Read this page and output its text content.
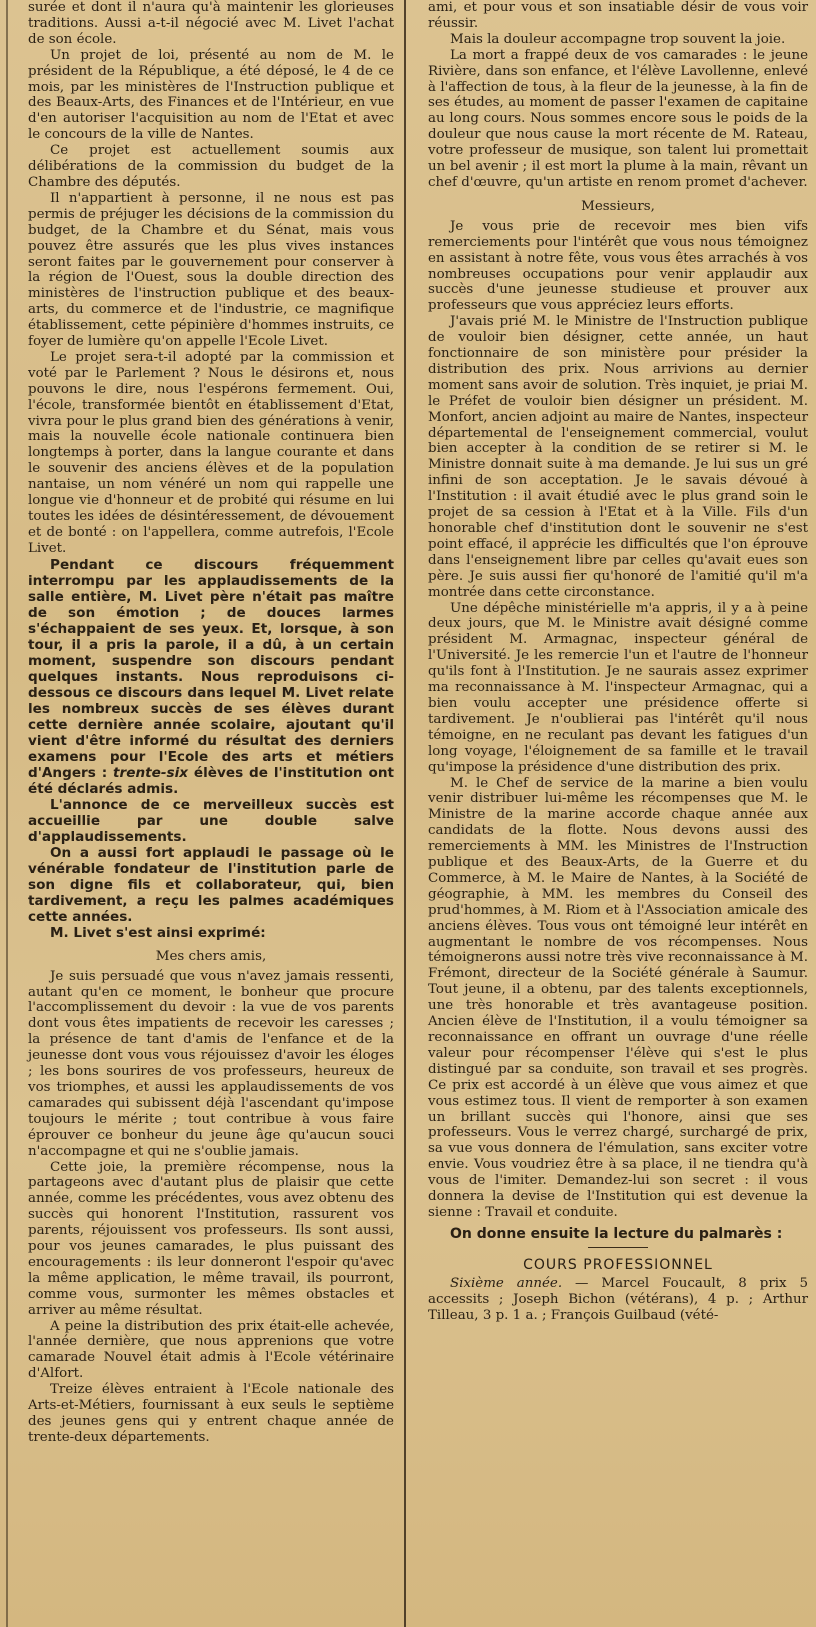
surée et dont il n'aura qu'à maintenir les glorieuses traditions. Aussi a-t-il négocié avec M. Livet l'achat de son école.

Un projet de loi, présenté au nom de M. le président de la République, a été déposé, le 4 de ce mois, par les ministères de l'Instruction publique et des Beaux-Arts, des Finances et de l'Intérieur, en vue d'en autoriser l'acquisition au nom de l'Etat et avec le concours de la ville de Nantes.

Ce projet est actuellement soumis aux délibérations de la commission du budget de la Chambre des députés.

Il n'appartient à personne, il ne nous est pas permis de préjuger les décisions de la commission du budget, de la Chambre et du Sénat, mais vous pouvez être assurés que les plus vives instances seront faites par le gouvernement pour conserver à la région de l'Ouest, sous la double direction des ministères de l'instruction publique et des beaux-arts, du commerce et de l'industrie, ce magnifique établissement, cette pépinière d'hommes instruits, ce foyer de lumière qu'on appelle l'Ecole Livet.

Le projet sera-t-il adopté par la commission et voté par le Parlement ? Nous le désirons et, nous pouvons le dire, nous l'espérons fermement. Oui, l'école, transformée bientôt en établissement d'Etat, vivra pour le plus grand bien des générations à venir, mais la nouvelle école nationale continuera bien longtemps à porter, dans la langue courante et dans le souvenir des anciens élèves et de la population nantaise, un nom vénéré un nom qui rappelle une longue vie d'honneur et de probité qui résume en lui toutes les idées de désintéressement, de dévouement et de bonté : on l'appellera, comme autrefois, l'Ecole Livet.

Pendant ce discours fréquemment interrompu par les applaudissements de la salle entière, M. Livet père n'était pas maître de son émotion ; de douces larmes s'échappaient de ses yeux. Et, lorsque, à son tour, il a pris la parole, il a dû, à un certain moment, suspendre son discours pendant quelques instants. Nous reproduisons ci-dessous ce discours dans lequel M. Livet relate les nombreux succès de ses élèves durant cette dernière année scolaire, ajoutant qu'il vient d'être informé du résultat des derniers examens pour l'Ecole des arts et métiers d'Angers : trente-six élèves de l'institution ont été déclarés admis.

L'annonce de ce merveilleux succès est accueillie par une double salve d'applaudissements.

On a aussi fort applaudi le passage où le vénérable fondateur de l'institution parle de son digne fils et collaborateur, qui, bien tardivement, a reçu les palmes académiques cette années.

M. Livet s'est ainsi exprimé:

Mes chers amis,

Je suis persuadé que vous n'avez jamais ressenti, autant qu'en ce moment, le bonheur que procure l'accomplissement du devoir : la vue de vos parents dont vous êtes impatients de recevoir les caresses ; la présence de tant d'amis de l'enfance et de la jeunesse dont vous vous réjouissez d'avoir les éloges ; les bons sourires de vos professeurs, heureux de vos triomphes, et aussi les applaudissements de vos camarades qui subissent déjà l'ascendant qu'impose toujours le mérite ; tout contribue à vous faire éprouver ce bonheur du jeune âge qu'aucun souci n'accompagne et qui ne s'oublie jamais.

Cette joie, la première récompense, nous la partageons avec d'autant plus de plaisir que cette année, comme les précédentes, vous avez obtenu des succès qui honorent l'Institution, rassurent vos parents, réjouissent vos professeurs. Ils sont aussi, pour vos jeunes camarades, le plus puissant des encouragements : ils leur donneront l'espoir qu'avec la même application, le même travail, ils pourront, comme vous, surmonter les mêmes obstacles et arriver au même résultat.

A peine la distribution des prix était-elle achevée, l'année dernière, que nous apprenions que votre camarade Nouvel était admis à l'Ecole vétérinaire d'Alfort.

Treize élèves entraient à l'Ecole nationale des Arts-et-Métiers, fournissant à eux seuls le septième des jeunes gens qui y entrent chaque année de trente-deux départements.

ami, et pour vous et son insatiable désir de vous voir réussir.

Mais la douleur accompagne trop souvent la joie.

La mort a frappé deux de vos camarades : le jeune Rivière, dans son enfance, et l'élève Lavollenne, enlevé à l'affection de tous, à la fleur de la jeunesse, à la fin de ses études, au moment de passer l'examen de capitaine au long cours. Nous sommes encore sous le poids de la douleur que nous cause la mort récente de M. Rateau, votre professeur de musique, son talent lui promettait un bel avenir ; il est mort la plume à la main, rêvant un chef d'œuvre, qu'un artiste en renom promet d'achever.

Messieurs,

Je vous prie de recevoir mes bien vifs remerciements pour l'intérêt que vous nous témoignez en assistant à notre fête, vous vous êtes arrachés à vos nombreuses occupations pour venir applaudir aux succès d'une jeunesse studieuse et prouver aux professeurs que vous appréciez leurs efforts.

J'avais prié M. le Ministre de l'Instruction publique de vouloir bien désigner, cette année, un haut fonctionnaire de son ministère pour présider la distribution des prix. Nous arrivions au dernier moment sans avoir de solution. Très inquiet, je priai M. le Préfet de vouloir bien désigner un président. M. Monfort, ancien adjoint au maire de Nantes, inspecteur départemental de l'enseignement commercial, voulut bien accepter à la condition de se retirer si M. le Ministre donnait suite à ma demande. Je lui sus un gré infini de son acceptation. Je le savais dévoué à l'Institution : il avait étudié avec le plus grand soin le projet de sa cession à l'Etat et à la Ville. Fils d'un honorable chef d'institution dont le souvenir ne s'est point effacé, il apprécie les difficultés que l'on éprouve dans l'enseignement libre par celles qu'avait eues son père. Je suis aussi fier qu'honoré de l'amitié qu'il m'a montrée dans cette circonstance.

Une dépêche ministérielle m'a appris, il y a à peine deux jours, que M. le Ministre avait désigné comme président M. Armagnac, inspecteur général de l'Université. Je les remercie l'un et l'autre de l'honneur qu'ils font à l'Institution. Je ne saurais assez exprimer ma reconnaissance à M. l'inspecteur Armagnac, qui a bien voulu accepter une présidence offerte si tardivement. Je n'oublierai pas l'intérêt qu'il nous témoigne, en ne reculant pas devant les fatigues d'un long voyage, l'éloignement de sa famille et le travail qu'impose la présidence d'une distribution des prix.

M. le Chef de service de la marine a bien voulu venir distribuer lui-même les récompenses que M. le Ministre de la marine accorde chaque année aux candidats de la flotte. Nous devons aussi des remerciements à MM. les Ministres de l'Instruction publique et des Beaux-Arts, de la Guerre et du Commerce, à M. le Maire de Nantes, à la Société de géographie, à MM. les membres du Conseil des prud'hommes, à M. Riom et à l'Association amicale des anciens élèves. Tous vous ont témoigné leur intérêt en augmentant le nombre de vos récompenses. Nous témoignerons aussi notre très vive reconnaissance à M. Frémont, directeur de la Société générale à Saumur. Tout jeune, il a obtenu, par des talents exceptionnels, une très honorable et très avantageuse position. Ancien élève de l'Institution, il a voulu témoigner sa reconnaissance en offrant un ouvrage d'une réelle valeur pour récompenser l'élève qui s'est le plus distingué par sa conduite, son travail et ses progrès. Ce prix est accordé à un élève que vous aimez et que vous estimez tous. Il vient de remporter à son examen un brillant succès qui l'honore, ainsi que ses professeurs. Vous le verrez chargé, surchargé de prix, sa vue vous donnera de l'émulation, sans exciter votre envie. Vous voudriez être à sa place, il ne tiendra qu'à vous de l'imiter. Demandez-lui son secret : il vous donnera la devise de l'Institution qui est devenue la sienne : Travail et conduite.

On donne ensuite la lecture du palmarès :

COURS PROFESSIONNEL

Sixième année. — Marcel Foucault, 8 prix 5 accessits ; Joseph Bichon (vétérans), 4 p. ; Arthur Tilleau, 3 p. 1 a. ; François Guilbaud (vété-
